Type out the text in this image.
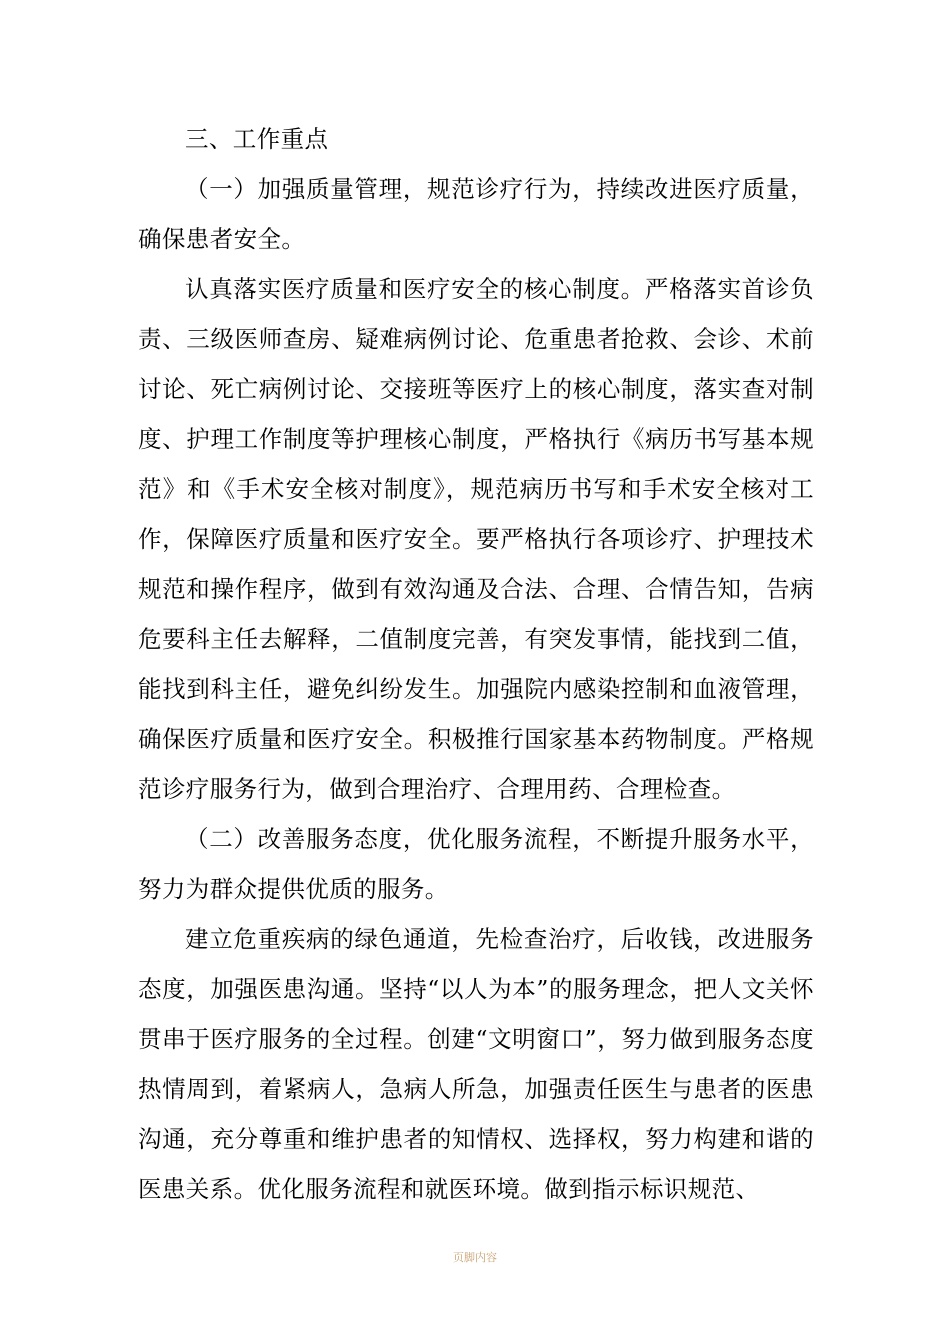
三、工作重点

（一）加强质量管理，规范诊疗行为，持续改进医疗质量，确保患者安全。

认真落实医疗质量和医疗安全的核心制度。严格落实首诊负责、三级医师查房、疑难病例讨论、危重患者抢救、会诊、术前讨论、死亡病例讨论、交接班等医疗上的核心制度，落实查对制度、护理工作制度等护理核心制度，严格执行《病历书写基本规范》和《手术安全核对制度》，规范病历书写和手术安全核对工作，保障医疗质量和医疗安全。要严格执行各项诊疗、护理技术规范和操作程序，做到有效沟通及合法、合理、合情告知，告病危要科主任去解释，二值制度完善，有突发事情，能找到二值，能找到科主任，避免纠纷发生。加强院内感染控制和血液管理，确保医疗质量和医疗安全。积极推行国家基本药物制度。严格规范诊疗服务行为，做到合理治疗、合理用药、合理检查。

（二）改善服务态度，优化服务流程，不断提升服务水平，努力为群众提供优质的服务。

建立危重疾病的绿色通道，先检查治疗，后收钱，改进服务态度，加强医患沟通。坚持“以人为本”的服务理念，把人文关怀贯串于医疗服务的全过程。创建“文明窗口”，努力做到服务态度热情周到，着紧病人，急病人所急，加强责任医生与患者的医患沟通，充分尊重和维护患者的知情权、选择权，努力构建和谐的医患关系。优化服务流程和就医环境。做到指示标识规范、

页脚内容
